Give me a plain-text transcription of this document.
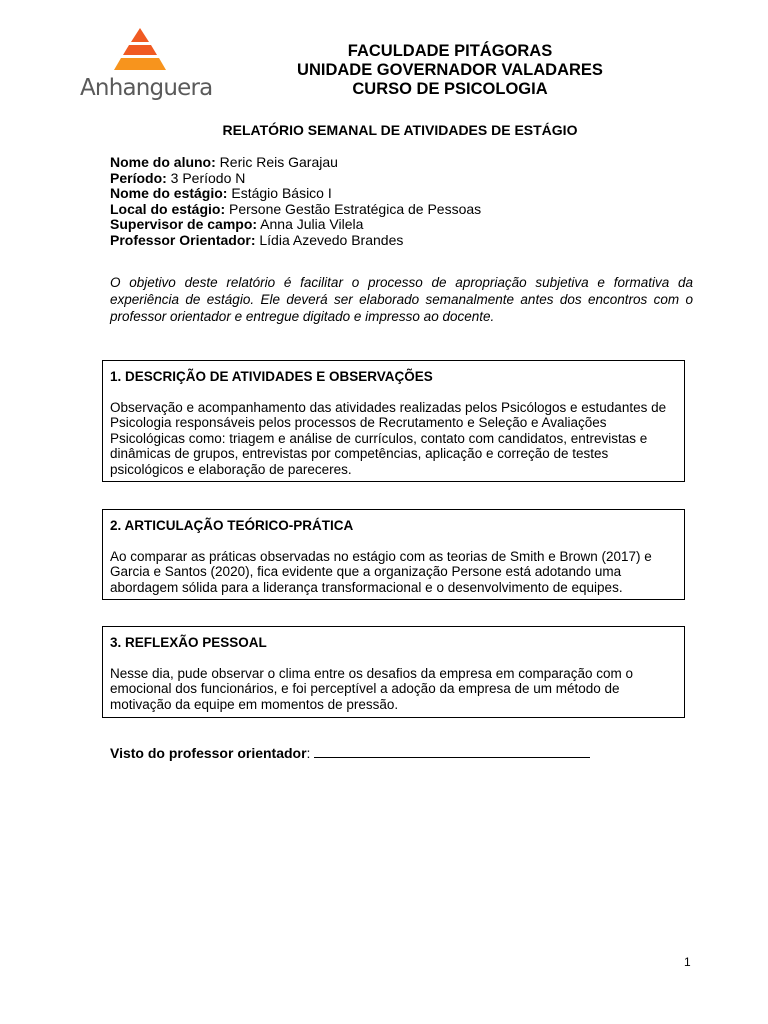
Anhanguera
FACULDADE PITÁGORAS
UNIDADE GOVERNADOR VALADARES
CURSO DE PSICOLOGIA
RELATÓRIO SEMANAL DE ATIVIDADES DE ESTÁGIO
Nome do aluno: Reric Reis Garajau
Período: 3 Período N
Nome do estágio: Estágio Básico I
Local do estágio: Persone Gestão Estratégica de Pessoas
Supervisor de campo: Anna Julia Vilela
Professor Orientador: Lídia Azevedo Brandes
O objetivo deste relatório é facilitar o processo de apropriação subjetiva e formativa da experiência de estágio. Ele deverá ser elaborado semanalmente antes dos encontros com o professor orientador e entregue digitado e impresso ao docente.
1. DESCRIÇÃO DE ATIVIDADES E OBSERVAÇÕES
Observação e acompanhamento das atividades realizadas pelos Psicólogos e estudantes de Psicologia responsáveis pelos processos de Recrutamento e Seleção e Avaliações Psicológicas como: triagem e análise de currículos, contato com candidatos, entrevistas e dinâmicas de grupos, entrevistas por competências, aplicação e correção de testes psicológicos e elaboração de pareceres.
2. ARTICULAÇÃO TEÓRICO-PRÁTICA
Ao comparar as práticas observadas no estágio com as teorias de Smith e Brown (2017) e Garcia e Santos (2020), fica evidente que a organização Persone está adotando uma abordagem sólida para a liderança transformacional e o desenvolvimento de equipes.
3. REFLEXÃO PESSOAL
Nesse dia, pude observar o clima entre os desafios da empresa em comparação com o emocional dos funcionários, e foi perceptível a adoção da empresa de um método de motivação da equipe em momentos de pressão.
Visto do professor orientador:
1
